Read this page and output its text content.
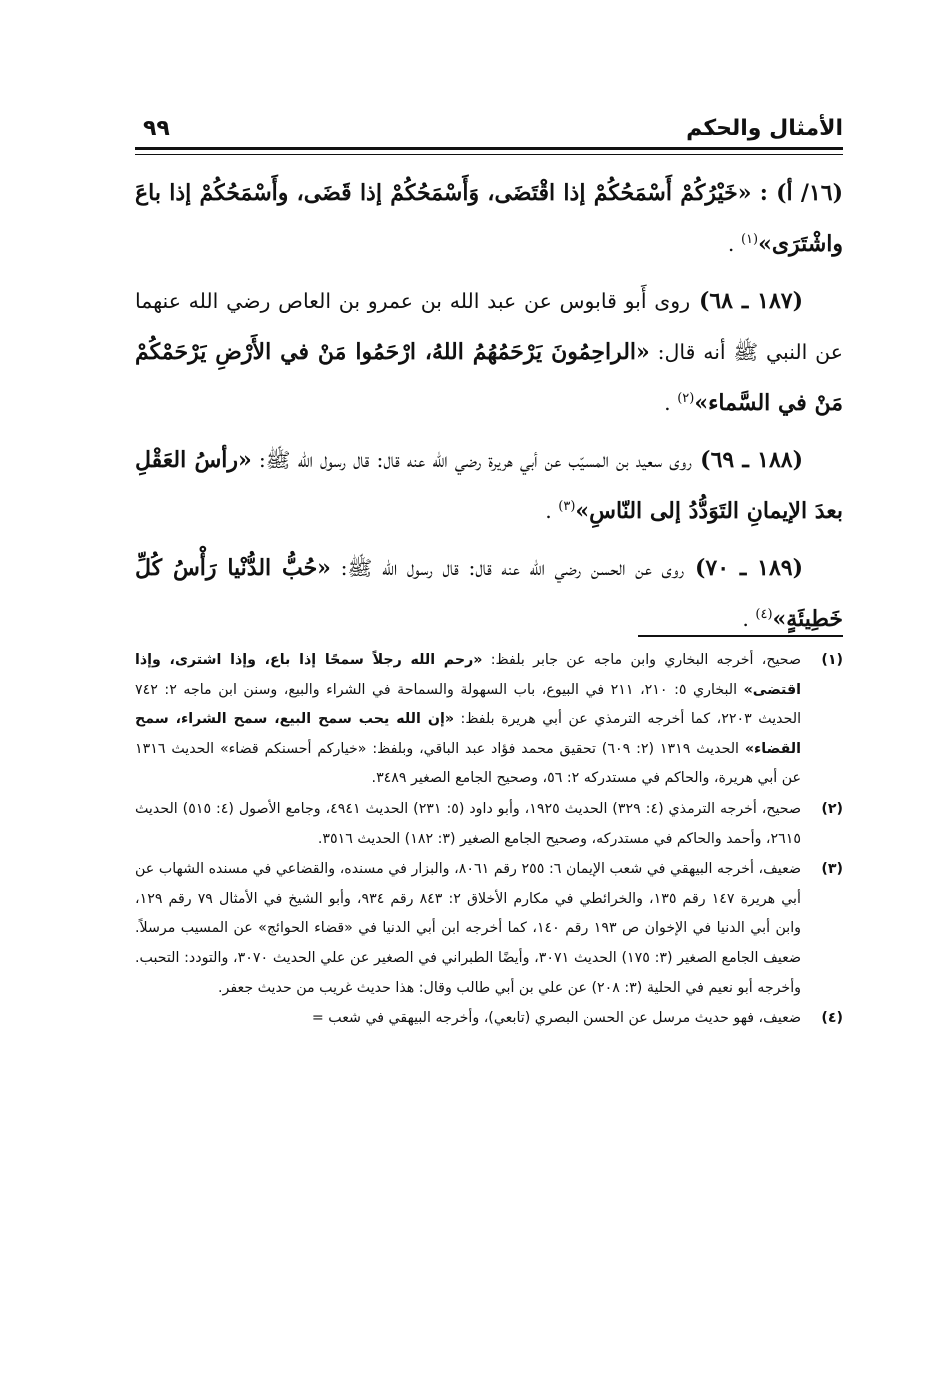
الأمثال والحكم
٩٩

(١٦/ أ) : «خَيْرُكُمْ أَسْمَحُكُمْ إذا اقْتَضَى، وَأَسْمَحُكُمْ إذا قَضَى، وأَسْمَحُكُمْ إذا باعَ واشْتَرَى»$^{(١)}$ .

(١٨٧ ـ ٦٨) روى أَبو قابوس عن عبد الله بن عمرو بن العاص رضي الله عنهما عن النبي ﷺ أنه قال: «الراحِمُونَ يَرْحَمُهُمُ اللهُ، ارْحَمُوا مَنْ في الأَرْضِ يَرْحَمْكُمْ مَنْ في السَّماء»$^{(٢)}$ .

(١٨٨ ـ ٦٩) روى سعيد بن المسيّب عن أبي هريرة رضي الله عنه قال: قال رسول الله ﷺ: «رأسُ العَقْلِ بعدَ الإيمانِ التَوَدُّدُ إلى النّاسِ»$^{(٣)}$ .

(١٨٩ ـ ٧٠) روى عن الحسن رضي الله عنه قال: قال رسول الله ﷺ: «حُبُّ الدُّنْيا رَأْسُ كُلِّ خَطِيئَةٍ»$^{(٤)}$ .

(١)
صحيح، أخرجه البخاري وابن ماجه عن جابر بلفظ: «رحم الله رجلاً سمحًا إذا باع، وإذا اشترى، وإذا اقتضى» البخاري ٥: ٢١٠، ٢١١ في البيوع، باب السهولة والسماحة في الشراء والبيع، وسنن ابن ماجه ٢: ٧٤٢ الحديث ٢٢٠٣، كما أخرجه الترمذي عن أبي هريرة بلفظ: «إن الله يحب سمح البيع، سمح الشراء، سمح القضاء» الحديث ١٣١٩ (٢: ٦٠٩) تحقيق محمد فؤاد عبد الباقي، وبلفظ: «خياركم أحسنكم قضاء» الحديث ١٣١٦ عن أبي هريرة، والحاكم في مستدركه ٢: ٥٦، وصحيح الجامع الصغير ٣٤٨٩.
(٢)
صحيح، أخرجه الترمذي (٤: ٣٢٩) الحديث ١٩٢٥، وأبو داود (٥: ٢٣١) الحديث ٤٩٤١، وجامع الأصول (٤: ٥١٥) الحديث ٢٦١٥، وأحمد والحاكم في مستدركه، وصحيح الجامع الصغير (٣: ١٨٢) الحديث ٣٥١٦.
(٣)
ضعيف، أخرجه البيهقي في شعب الإيمان ٦: ٢٥٥ رقم ٨٠٦١، والبزار في مسنده، والقضاعي في مسنده الشهاب عن أبي هريرة ١٤٧ رقم ١٣٥، والخرائطي في مكارم الأخلاق ٢: ٨٤٣ رقم ٩٣٤، وأبو الشيخ في الأمثال ٧٩ رقم ١٢٩، وابن أبي الدنيا في الإخوان ص ١٩٣ رقم ١٤٠، كما أخرجه ابن أبي الدنيا في «قضاء الحوائج» عن المسيب مرسلاً. ضعيف الجامع الصغير (٣: ١٧٥) الحديث ٣٠٧١، وأيضًا الطبراني في الصغير عن علي الحديث ٣٠٧٠، والتودد: التحبب. وأخرجه أبو نعيم في الحلية (٣: ٢٠٨) عن علي بن أبي طالب وقال: هذا حديث غريب من حديث جعفر.
(٤)
ضعيف، فهو حديث مرسل عن الحسن البصري (تابعي)، وأخرجه البيهقي في شعب =
